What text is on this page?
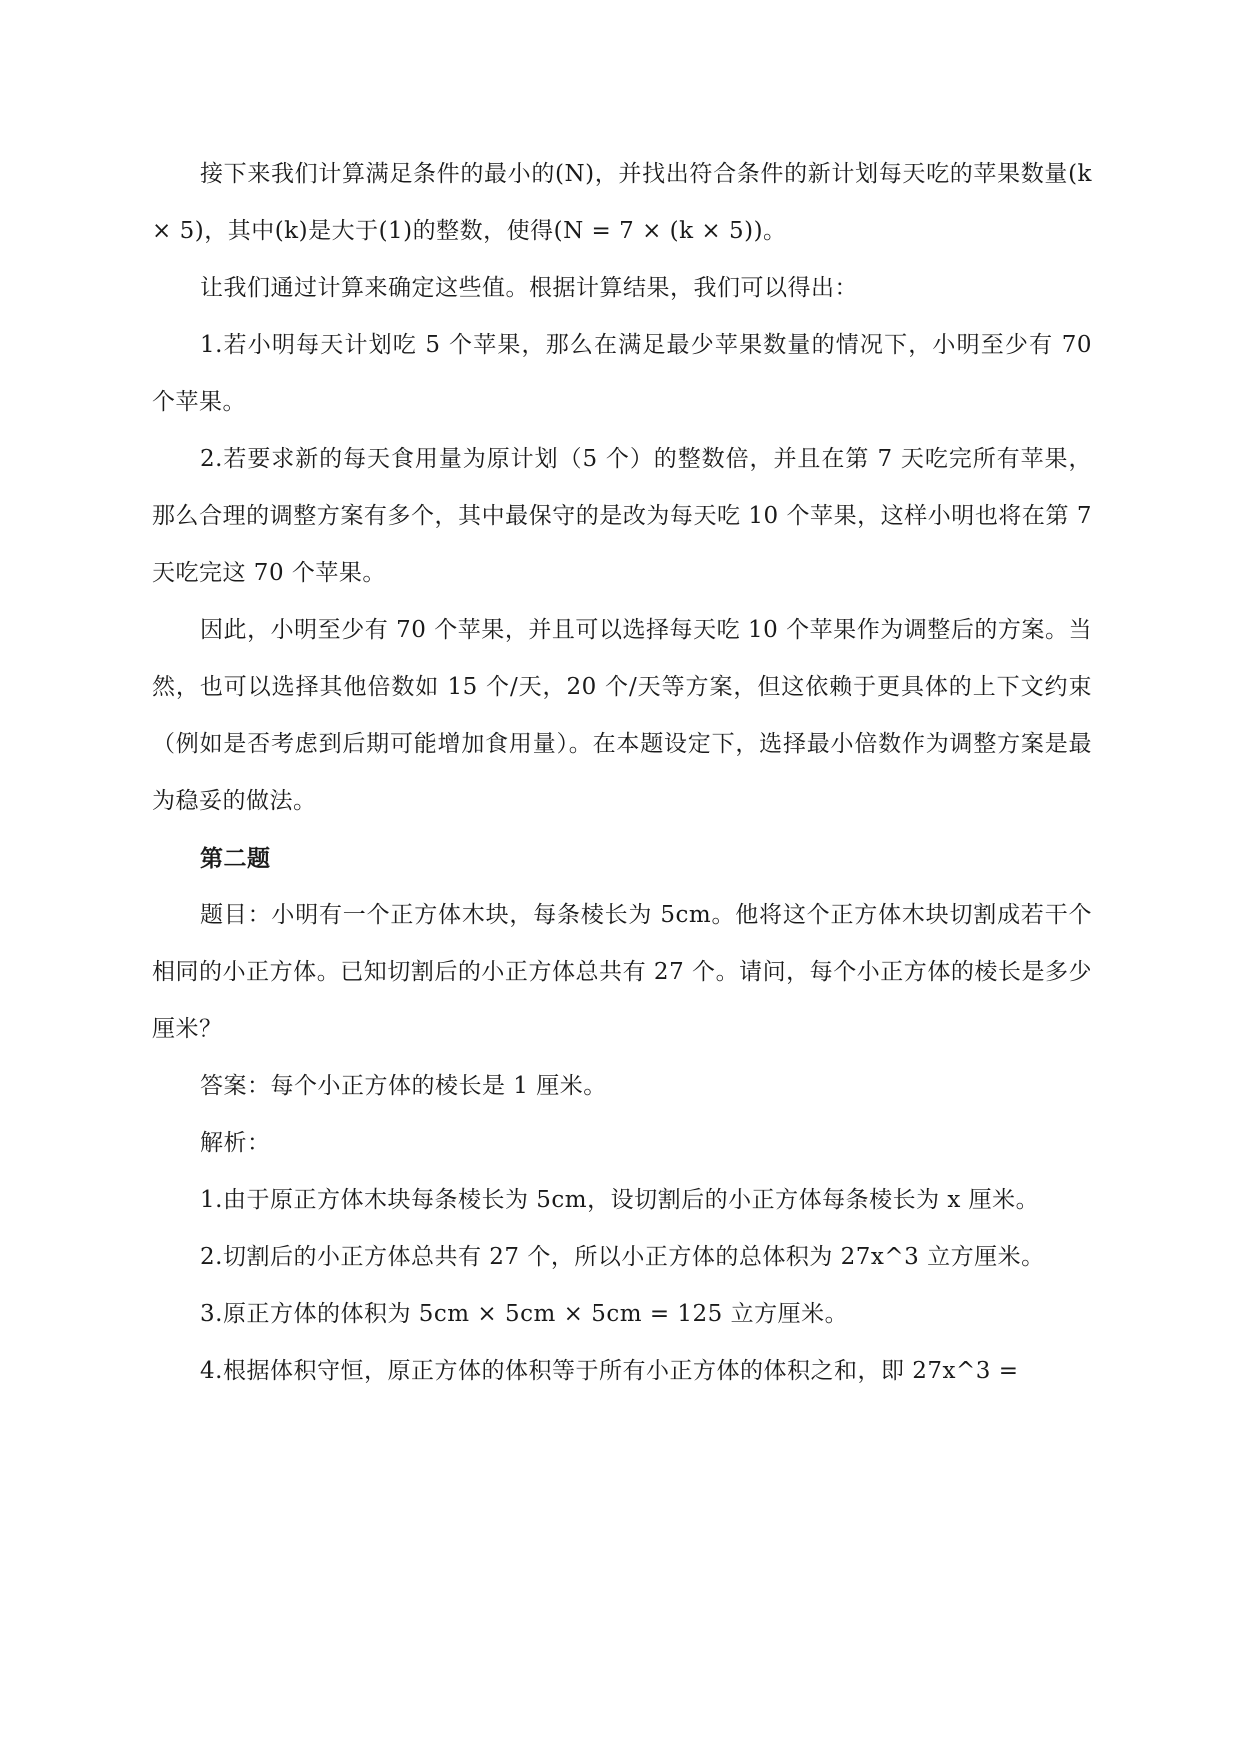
接下来我们计算满足条件的最小的(N)，并找出符合条件的新计划每天吃的苹果数量(k × 5)，其中(k)是大于(1)的整数，使得(N = 7 × (k × 5))。

让我们通过计算来确定这些值。根据计算结果，我们可以得出：

1.若小明每天计划吃 5 个苹果，那么在满足最少苹果数量的情况下，小明至少有 70 个苹果。

2.若要求新的每天食用量为原计划（5 个）的整数倍，并且在第 7 天吃完所有苹果，那么合理的调整方案有多个，其中最保守的是改为每天吃 10 个苹果，这样小明也将在第 7 天吃完这 70 个苹果。

因此，小明至少有 70 个苹果，并且可以选择每天吃 10 个苹果作为调整后的方案。当然，也可以选择其他倍数如 15 个/天，20 个/天等方案，但这依赖于更具体的上下文约束（例如是否考虑到后期可能增加食用量）。在本题设定下，选择最小倍数作为调整方案是最为稳妥的做法。

第二题

题目：小明有一个正方体木块，每条棱长为 5cm。他将这个正方体木块切割成若干个相同的小正方体。已知切割后的小正方体总共有 27 个。请问，每个小正方体的棱长是多少厘米？

答案：每个小正方体的棱长是 1 厘米。

解析：

1.由于原正方体木块每条棱长为 5cm，设切割后的小正方体每条棱长为 x 厘米。

2.切割后的小正方体总共有 27 个，所以小正方体的总体积为 27x^3 立方厘米。

3.原正方体的体积为 5cm × 5cm × 5cm = 125 立方厘米。

4.根据体积守恒，原正方体的体积等于所有小正方体的体积之和，即 27x^3 =
